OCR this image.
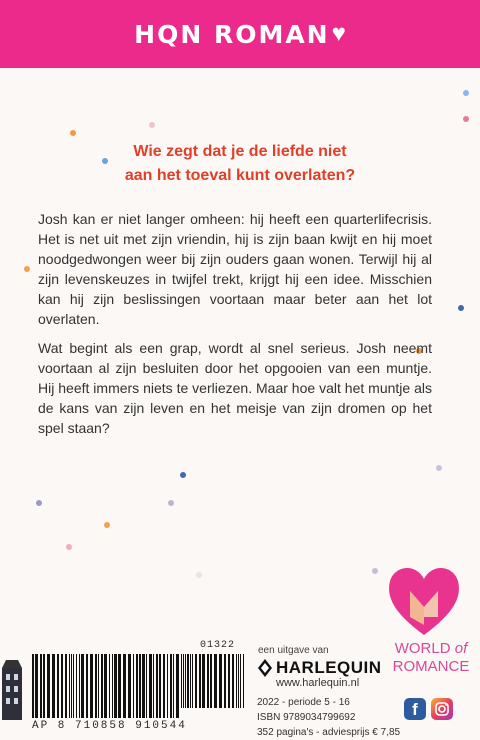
HQN ROMAN ♥
Wie zegt dat je de liefde niet
aan het toeval kunt overlaten?
Josh kan er niet langer omheen: hij heeft een quarterlifecrisis. Het is net uit met zijn vriendin, hij is zijn baan kwijt en hij moet noodgedwongen weer bij zijn ouders gaan wonen. Terwijl hij al zijn levenskeuzes in twijfel trekt, krijgt hij een idee. Misschien kan hij zijn beslissingen voortaan maar beter aan het lot overlaten.
Wat begint als een grap, wordt al snel serieus. Josh neemt voortaan al zijn besluiten door het opgooien van een muntje. Hij heeft immers niets te verliezen. Maar hoe valt het muntje als de kans van zijn leven en het meisje van zijn dromen op het spel staan?
01322
AP 8 710858 910544
een uitgave van
HARLEQUIN
www.harlequin.nl
2022 - periode 5 - 16
ISBN 9789034799692
352 pagina's - adviesprijs € 7,85
WORLD of
ROMANCE
f
